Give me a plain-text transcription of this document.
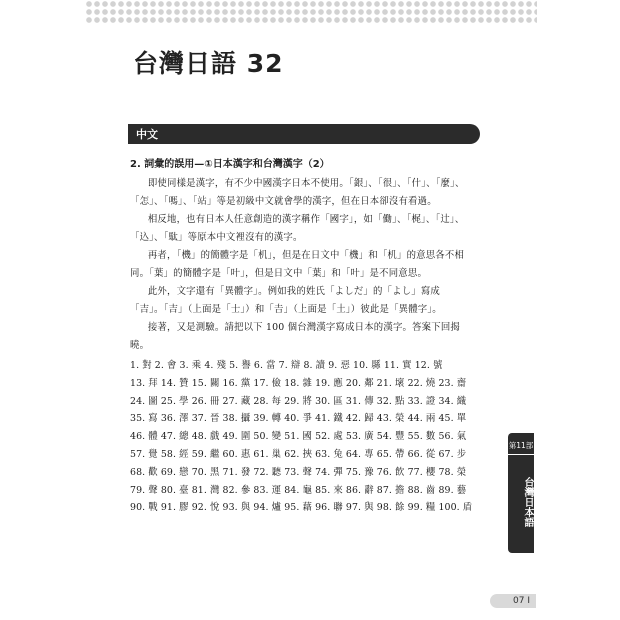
台灣日語 32
中文

2. 詞彙的誤用—①日本漢字和台灣漢字（2）

即使同樣是漢字，有不少中國漢字日本不使用。「銀」、「很」、「什」、「麼」、「怎」、「嗎」、「站」等是初級中文就會學的漢字，但在日本卻沒有看過。

相反地，也有日本人任意創造的漢字稱作「國字」，如「働」、「梶」、「辻」、「込」、「駄」等原本中文裡沒有的漢字。

再者，「機」的簡體字是「机」，但是在日文中「機」和「机」的意思各不相同。「葉」的簡體字是「叶」，但是日文中「葉」和「叶」是不同意思。

此外，文字還有「異體字」。例如我的姓氏「よしだ」的「よし」寫成「吉」。「吉」（上面是「士」）和「𠮷」（上面是「土」）彼此是「異體字」。

接著，又是測驗。請把以下 100 個台灣漢字寫成日本的漢字。答案下回揭曉。

1. 對 2. 會 3. 乘 4. 殘 5. 譽 6. 當 7. 辯 8. 讀 9. 惡 10. 縣 11. 實 12. 號
13. 拜 14. 贊 15. 關 16. 黨 17. 儉 18. 雜 19. 應 20. 鄰 21. 壞 22. 燒 23. 齋
24. 圖 25. 學 26. 冊 27. 藏 28. 每 29. 將 30. 區 31. 傳 32. 點 33. 證 34. 織
35. 寫 36. 澤 37. 晉 38. 攝 39. 轉 40. 爭 41. 鐵 42. 歸 43. 榮 44. 兩 45. 單
46. 體 47. 總 48. 戲 49. 圍 50. 變 51. 國 52. 處 53. 廣 54. 豐 55. 數 56. 氣
57. 覺 58. 經 59. 繼 60. 惠 61. 巢 62. 挾 63. 兔 64. 專 65. 帶 66. 從 67. 步
68. 歡 69. 戀 70. 黑 71. 發 72. 聽 73. 聲 74. 彈 75. 豫 76. 飲 77. 櫻 78. 榮
79. 聲 80. 臺 81. 灣 82. 參 83. 運 84. 龜 85. 來 86. 辭 87. 擔 88. 齒 89. 藝
90. 戰 91. 膠 92. 悅 93. 與 94. 爐 95. 藉 96. 聯 97. 與 98. 餘 99. 糧 100. 盾
第11部
台灣日本語
07 I
